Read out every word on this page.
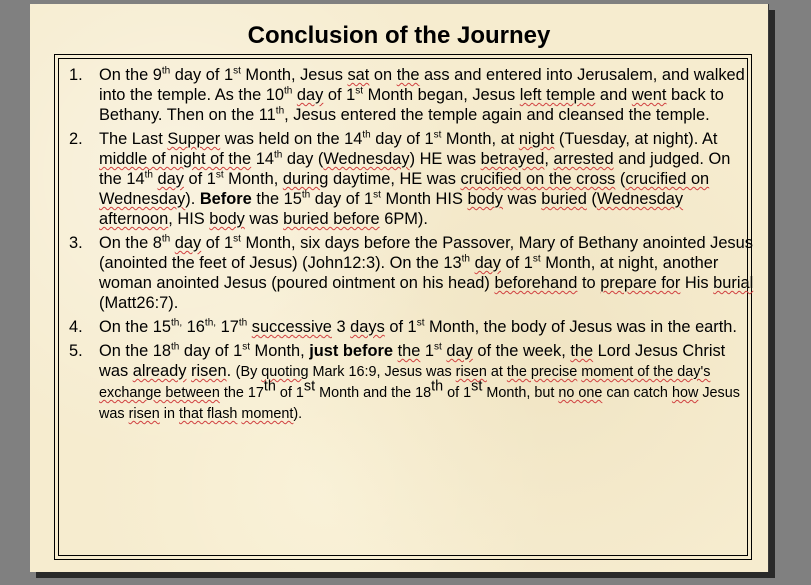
Conclusion of the Journey
1. On the 9th day of 1st Month, Jesus sat on the ass and entered into Jerusalem, and walked into the temple. As the 10th day of 1st Month began, Jesus left temple and went back to Bethany. Then on the 11th, Jesus entered the temple again and cleansed the temple.
2. The Last Supper was held on the 14th day of 1st Month, at night (Tuesday, at night). At middle of night of the 14th day (Wednesday) HE was betrayed, arrested and judged. On the 14th day of 1st Month, during daytime, HE was crucified on the cross (crucified on Wednesday). Before the 15th day of 1st Month HIS body was buried (Wednesday afternoon, HIS body was buried before 6PM).
3. On the 8th day of 1st Month, six days before the Passover, Mary of Bethany anointed Jesus (anointed the feet of Jesus) (John12:3). On the 13th day of 1st Month, at night, another woman anointed Jesus (poured ointment on his head) beforehand to prepare for His burial (Matt26:7).
4. On the $15^{th,}$ $16^{th,}$ 17th successive 3 days of 1st Month, the body of Jesus was in the earth.
5. On the 18th day of 1st Month, just before the 1st day of the week, the Lord Jesus Christ was already risen. (By quoting Mark 16:9, Jesus was risen at the precise moment of the day's exchange between the 17th of 1st Month and the 18th of 1st Month, but no one can catch how Jesus was risen in that flash moment).
